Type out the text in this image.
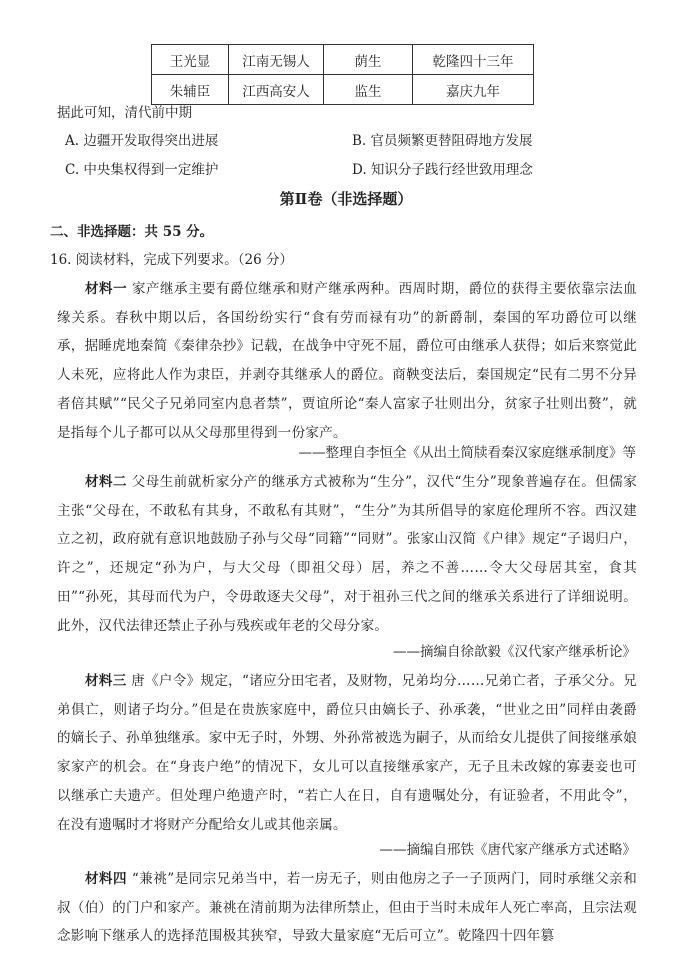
王光显	江南无锡人	荫生	乾隆四十三年
朱辅臣	江西高安人	监生	嘉庆九年
据此可知，清代前中期
A. 边疆开发取得突出进展	B. 官员频繁更替阻碍地方发展
C. 中央集权得到一定维护	D. 知识分子践行经世致用理念
第Ⅱ卷（非选择题）
二、非选择题：共 55 分。
16. 阅读材料，完成下列要求。（26 分）
材料一 家产继承主要有爵位继承和财产继承两种。西周时期，爵位的获得主要依靠宗法血缘关系。春秋中期以后，各国纷纷实行“食有劳而禄有功”的新爵制，秦国的军功爵位可以继承，据睡虎地秦简《秦律杂抄》记载，在战争中守死不屈，爵位可由继承人获得；如后来察觉此人未死，应将此人作为隶臣，并剥夺其继承人的爵位。商鞅变法后，秦国规定“民有二男不分异者倍其赋”“民父子兄弟同室内息者禁”，贾谊所论“秦人富家子壮则出分，贫家子壮则出赘”，就是指每个儿子都可以从父母那里得到一份家产。
——整理自李恒全《从出土简牍看秦汉家庭继承制度》等
材料二 父母生前就析家分产的继承方式被称为“生分”，汉代“生分”现象普遍存在。但儒家主张“父母在，不敢私有其身，不敢私有其财”，“生分”为其所倡导的家庭伦理所不容。西汉建立之初，政府就有意识地鼓励子孙与父母“同籍”“同财”。张家山汉简《户律》规定“子谒归户，许之”，还规定“孙为户，与大父母（即祖父母）居，养之不善……令大父母居其室，食其田”“孙死，其母而代为户，令毋敢逐夫父母”，对于祖孙三代之间的继承关系进行了详细说明。此外，汉代法律还禁止子孙与残疾或年老的父母分家。
——摘编自徐歆毅《汉代家产继承析论》
材料三 唐《户令》规定，“诸应分田宅者，及财物，兄弟均分……兄弟亡者，子承父分。兄弟俱亡，则诸子均分。”但是在贵族家庭中，爵位只由嫡长子、孙承袭，“世业之田”同样由袭爵的嫡长子、孙单独继承。家中无子时，外甥、外孙常被选为嗣子，从而给女儿提供了间接继承娘家家产的机会。在“身丧户绝”的情况下，女儿可以直接继承家产，无子且未改嫁的寡妻妾也可以继承亡夫遗产。但处理户绝遗产时，“若亡人在日，自有遗嘱处分，有证验者，不用此令”，在没有遗嘱时才将财产分配给女儿或其他亲属。
——摘编自邢铁《唐代家产继承方式述略》
材料四 “兼祧”是同宗兄弟当中，若一房无子，则由他房之子一子顶两门，同时承继父亲和叔（伯）的门户和家产。兼祧在清前期为法律所禁止，但由于当时未成年人死亡率高，且宗法观念影响下继承人的选择范围极其狭窄，导致大量家庭“无后可立”。乾隆四十四年篡
